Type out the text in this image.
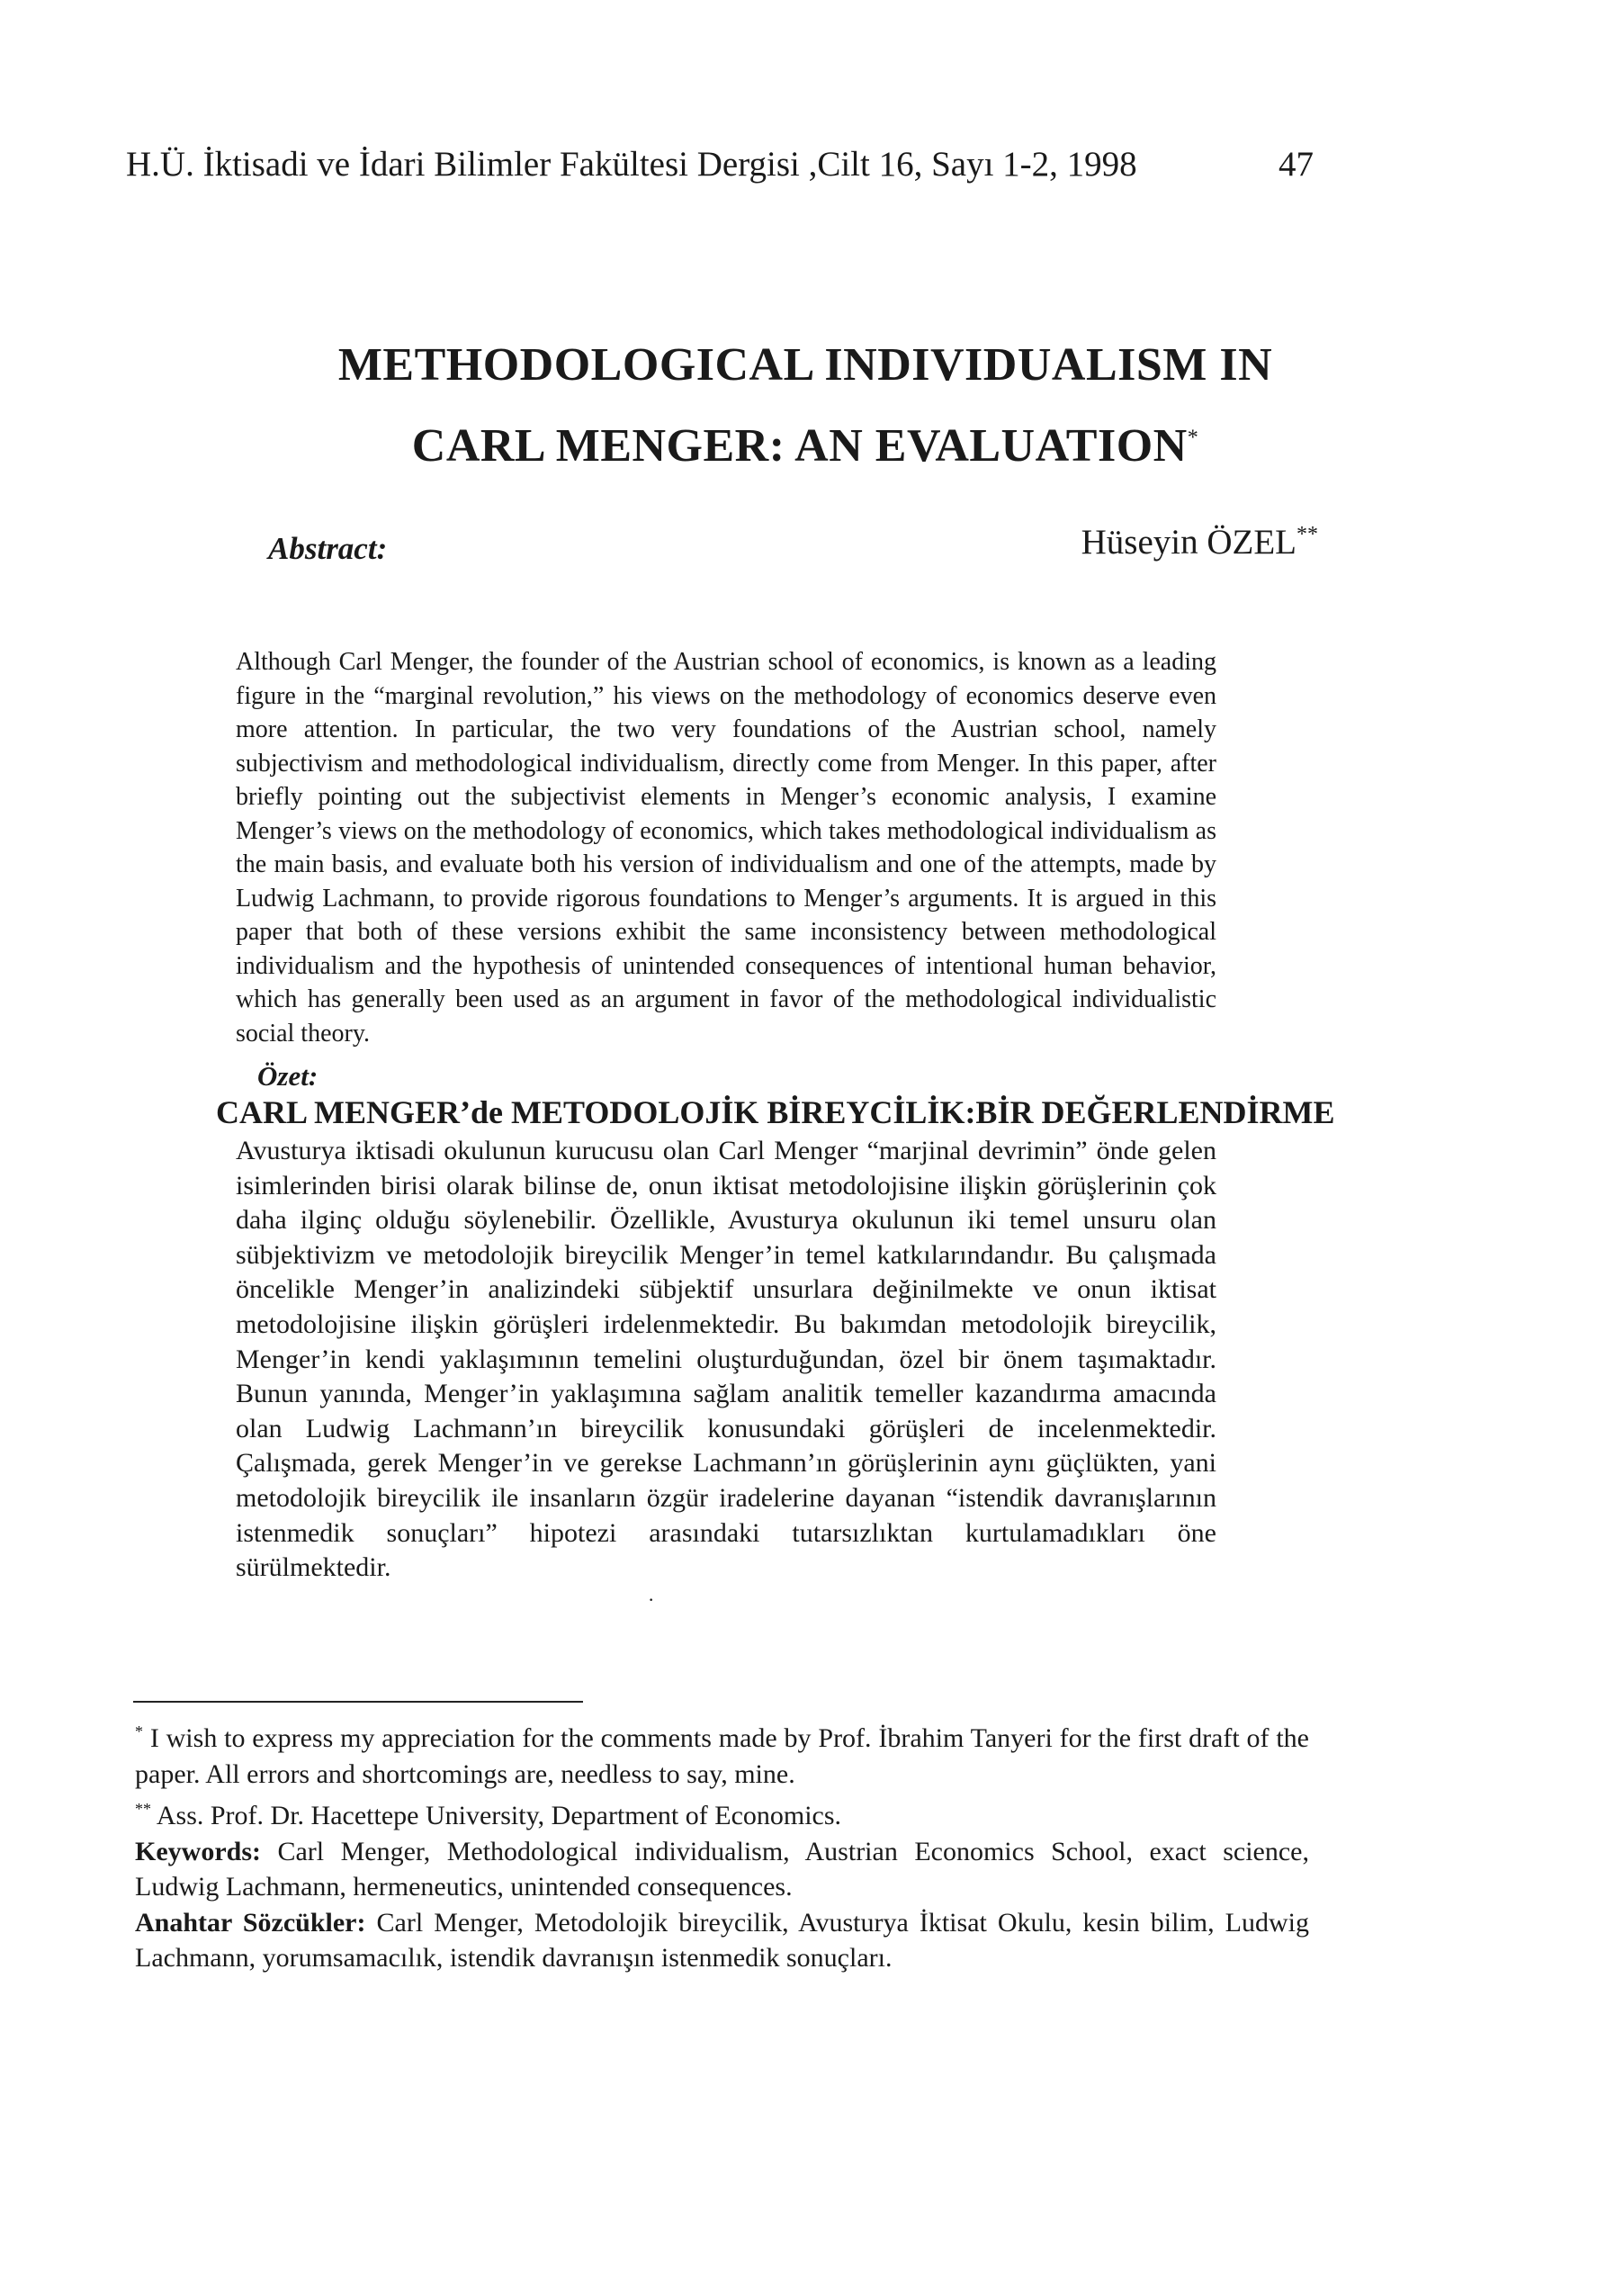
H.Ü. İktisadi ve İdari Bilimler Fakültesi Dergisi ,Cilt 16, Sayı 1-2, 1998	47
METHODOLOGICAL INDIVIDUALISM IN
CARL MENGER: AN EVALUATION*
Hüseyin ÖZEL**
Abstract:

Although Carl Menger, the founder of the Austrian school of economics, is known as a leading figure in the “marginal revolution,” his views on the methodology of economics deserve even more attention. In particular, the two very foundations of the Austrian school, namely subjectivism and methodological individualism, directly come from Menger. In this paper, after briefly pointing out the subjectivist elements in Menger’s economic analysis, I examine Menger’s views on the methodology of economics, which takes methodological individualism as the main basis, and evaluate both his version of individualism and one of the attempts, made by Ludwig Lachmann, to provide rigorous foundations to Menger’s arguments. It is argued in this paper that both of these versions exhibit the same inconsistency between methodological individualism and the hypothesis of unintended consequences of intentional human behavior, which has generally been used as an argument in favor of the methodological individualistic social theory.

Özet:
CARL MENGER’de METODOLOJİK BİREYCİLİK:BİR DEĞERLENDİRME

Avusturya iktisadi okulunun kurucusu olan Carl Menger “marjinal devrimin” önde gelen isimlerinden birisi olarak bilinse de, onun iktisat metodolojisine ilişkin görüşlerinin çok daha ilginç olduğu söylenebilir. Özellikle, Avusturya okulunun iki temel unsuru olan sübjektivizm ve metodolojik bireycilik Menger’in temel katkılarındandır. Bu çalışmada öncelikle Menger’in analizindeki sübjektif unsurlara değinilmekte ve onun iktisat metodolojisine ilişkin görüşleri irdelenmektedir. Bu bakımdan metodolojik bireycilik, Menger’in kendi yaklaşımının temelini oluşturduğundan, özel bir önem taşımaktadır. Bunun yanında, Menger’in yaklaşımına sağlam analitik temeller kazandırma amacında olan Ludwig Lachmann’ın bireycilik konusundaki görüşleri de incelenmektedir. Çalışmada, gerek Menger’in ve gerekse Lachmann’ın görüşlerinin aynı güçlükten, yani metodolojik bireycilik ile insanların özgür iradelerine dayanan “istendik davranışlarının istenmedik sonuçları” hipotezi arasındaki tutarsızlıktan kurtulamadıkları öne sürülmektedir.

·

* I wish to express my appreciation for the comments made by Prof. İbrahim Tanyeri for the first draft of the paper. All errors and shortcomings are, needless to say, mine.

** Ass. Prof. Dr. Hacettepe University, Department of Economics.

Keywords: Carl Menger, Methodological individualism, Austrian Economics School, exact science, Ludwig Lachmann, hermeneutics, unintended consequences.

Anahtar Sözcükler: Carl Menger, Metodolojik bireycilik, Avusturya İktisat Okulu, kesin bilim, Ludwig Lachmann, yorumsamacılık, istendik davranışın istenmedik sonuçları.
